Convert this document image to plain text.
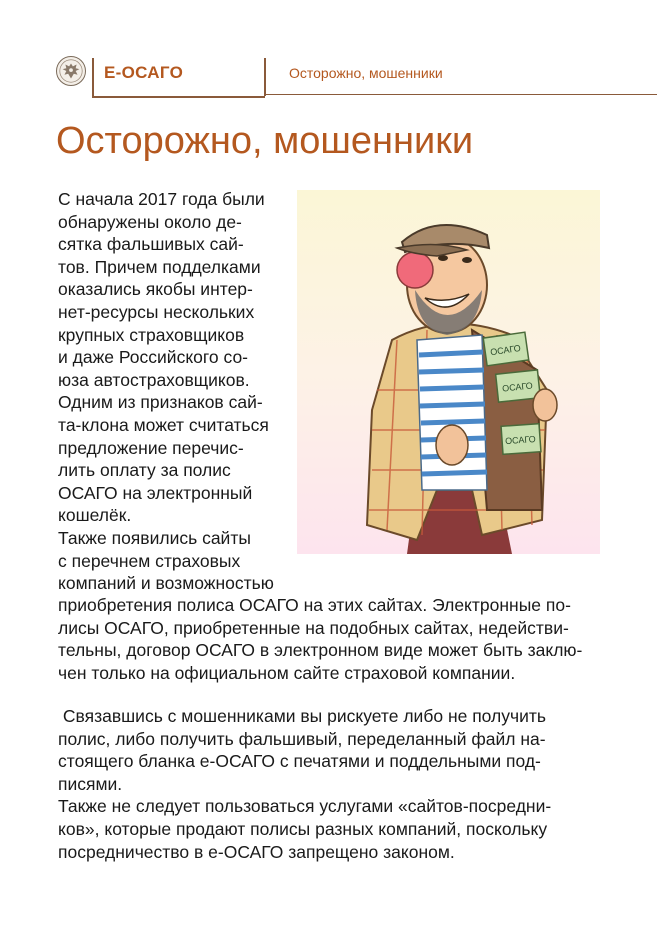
Е-ОСАГО	Осторожно, мошенники
Осторожно, мошенники
С начала 2017 года были
обнаружены около де-
сятка фальшивых сай-
тов. Причем подделками
оказались якобы интер-
нет-ресурсы нескольких
крупных страховщиков
и даже Российского со-
юза автостраховщиков.
Одним из признаков сай-
та-клона может считаться
предложение перечис-
лить оплату за полис
ОСАГО на электронный
кошелёк.
Также появились сайты
с перечнем страховых
компаний и возможностью
ОСАГО
ОСАГО
ОСАГО
приобретения полиса ОСАГО на этих сайтах. Электронные по-
лисы ОСАГО, приобретенные на подобных сайтах, недействи-
тельны, договор ОСАГО в электронном виде может быть заклю-
чен только на официальном сайте страховой компании.
Связавшись с мошенниками вы рискуете либо не получить
полис, либо получить фальшивый, переделанный файл на-
стоящего бланка е-ОСАГО с печатями и поддельными под-
писями.
Также не следует пользоваться услугами «сайтов-посредни-
ков», которые продают полисы разных компаний, поскольку
посредничество в е-ОСАГО запрещено законом.
